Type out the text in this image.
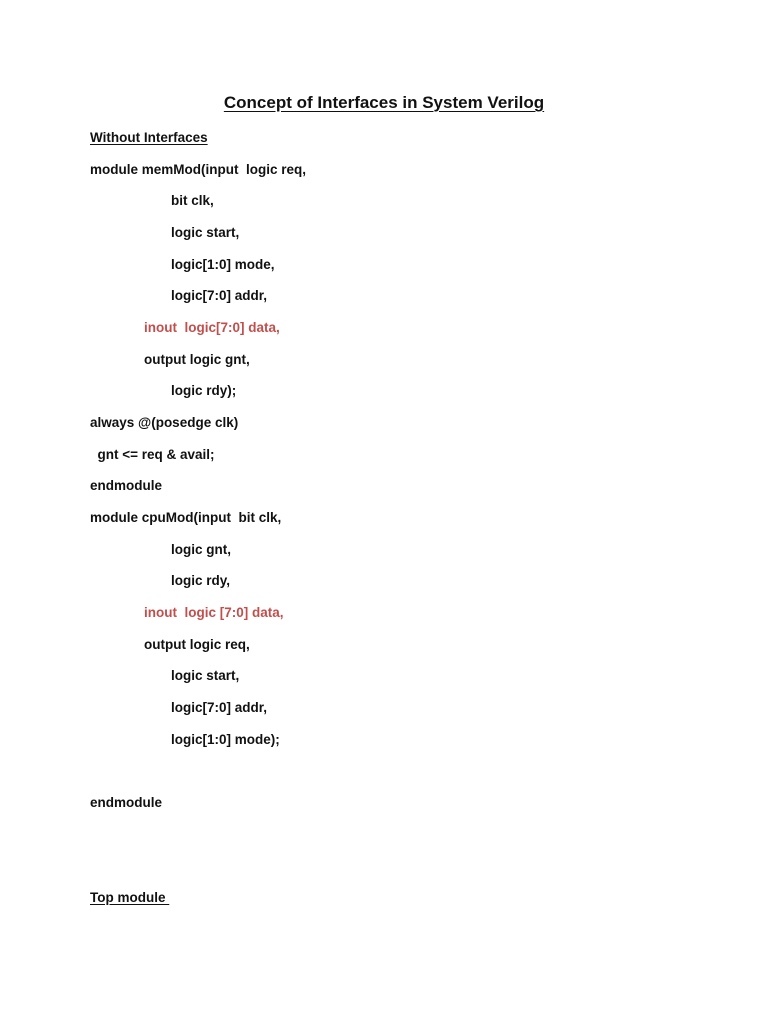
Concept of Interfaces in System Verilog
Without Interfaces
module memMod(input  logic req,
bit clk,
logic start,
logic[1:0] mode,
logic[7:0] addr,
inout  logic[7:0] data,
output logic gnt,
logic rdy);
always @(posedge clk)
gnt <= req & avail;
endmodule
module cpuMod(input  bit clk,
logic gnt,
logic rdy,
inout  logic [7:0] data,
output logic req,
logic start,
logic[7:0] addr,
logic[1:0] mode);
endmodule
Top module
